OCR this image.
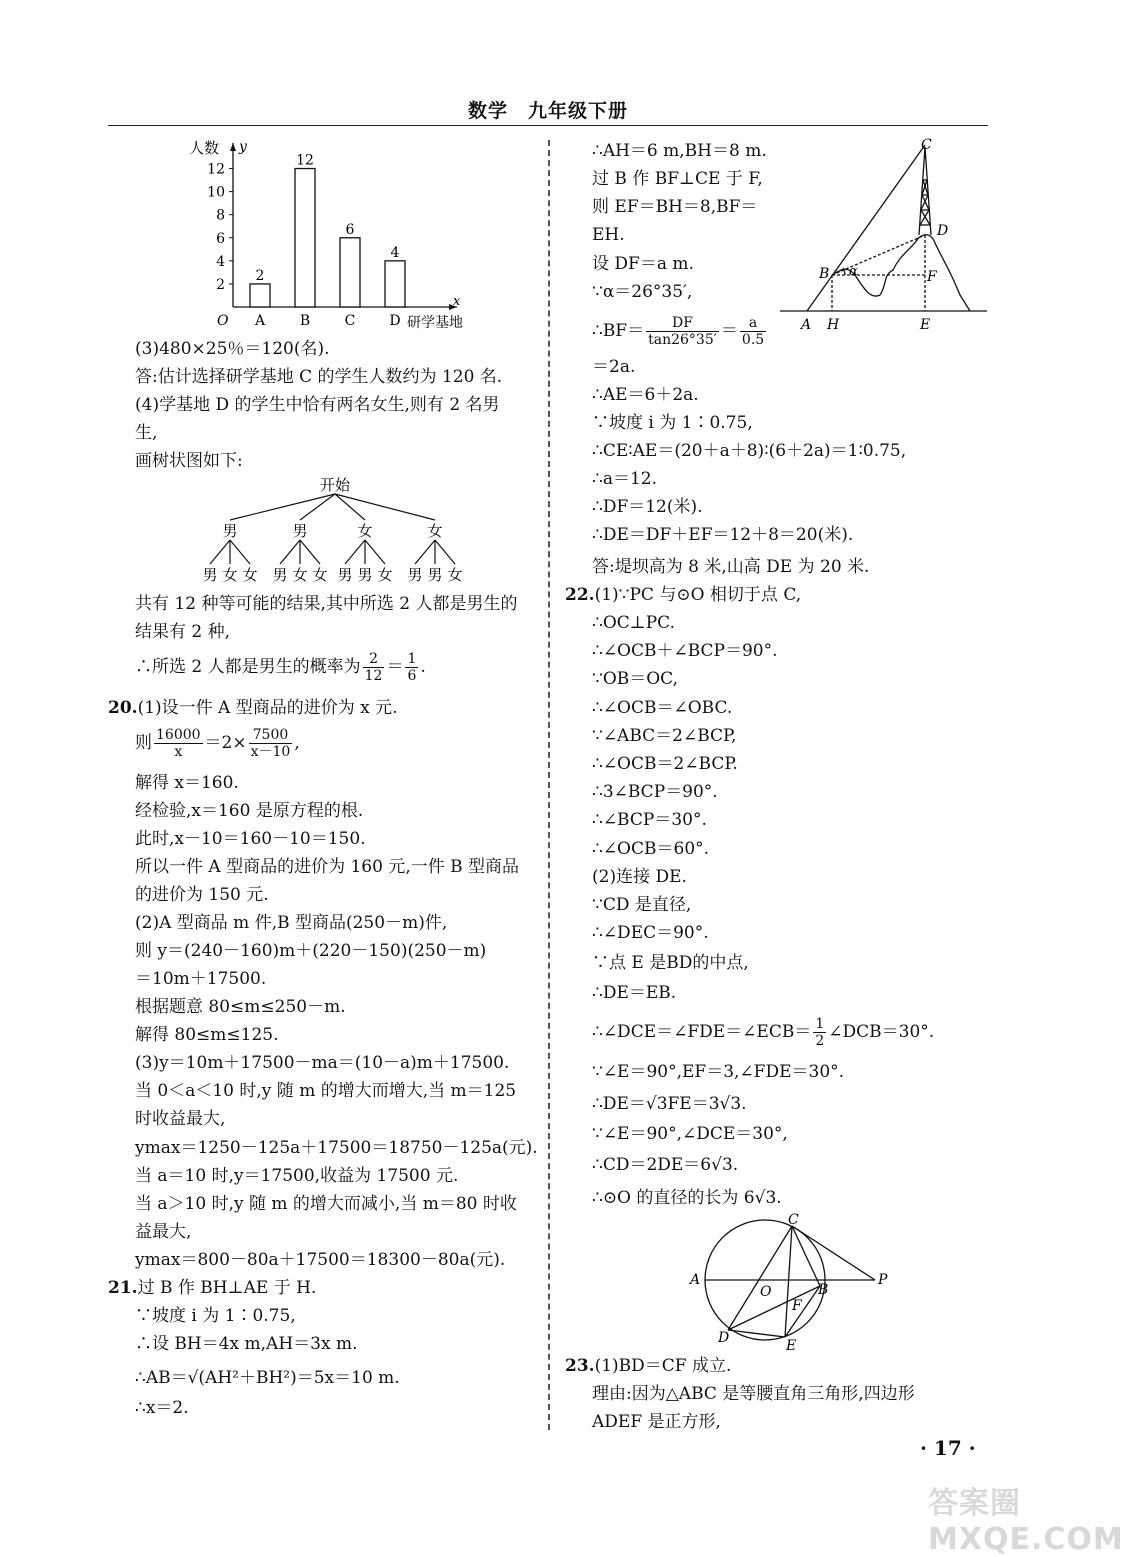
数学　九年级下册
人数 y
x
O	研学基地
2
4
6
8
10
12
2
A
12
B
6
C
4
D
(3)480×25％＝120(名).
答:估计选择研学基地 C 的学生人数约为 120 名.
(4)学基地 D 的学生中恰有两名女生,则有 2 名男
生,
画树状图如下:
开始
男	男	女	女
男 女 女 男 女 女 男 男 女 男 男 女
共有 12 种等可能的结果,其中所选 2 人都是男生的
结果有 2 种,
∴所选 2 人都是男生的概率为 $\frac{2}{12} = \frac{1}{6}$ .
20.(1)设一件 A 型商品的进价为 x 元.
则 $\frac{16000}{x} =2\times \frac{7500}{x-10}$ ,
解得 x＝160.
经检验,x＝160 是原方程的根.
此时,x－10＝160－10＝150.
所以一件 A 型商品的进价为 160 元,一件 B 型商品
的进价为 150 元.
(2)A 型商品 m 件,B 型商品(250－m)件,
则 y＝(240－160)m＋(220－150)(250－m)
＝10m＋17500.
根据题意 80≤m≤250－m.
解得 80≤m≤125.
(3)y＝10m＋17500－ma＝(10－a)m＋17500.
当 0＜a＜10 时,y 随 m 的增大而增大,当 m＝125
时收益最大,
ymax＝1250－125a＋17500＝18750－125a(元).
当 a＝10 时,y＝17500,收益为 17500 元.
当 a＞10 时,y 随 m 的增大而减小,当 m＝80 时收
益最大,
ymax＝800－80a＋17500＝18300－80a(元).
21.过 B 作 BH⊥AE 于 H.
∵坡度 i 为 1∶0.75,
∴设 BH＝4x m,AH＝3x m.
∴AB＝√(AH²＋BH²)＝5x＝10 m.
∴x＝2.
∴AH＝6 m,BH＝8 m.
过 B 作 BF⊥CE 于 F,
则 EF＝BH＝8,BF＝
EH.
设 DF＝a m.
∵α＝26°35′,
∴BF＝ $\frac{DF}{\tan 26^\circ 35'} = \frac{a}{0.5}$
C
D
B α	F
A H	E
＝2a.
∴AE＝6＋2a.
∵坡度 i 为 1∶0.75,
∴CE∶AE＝(20＋a＋8)∶(6＋2a)＝1∶0.75,
∴a＝12.
∴DF＝12(米).
∴DE＝DF＋EF＝12＋8＝20(米).
答:堤坝高为 8 米,山高 DE 为 20 米.
22.(1)∵PC 与⊙O 相切于点 C,
∴OC⊥PC.
∴∠OCB＋∠BCP＝90°.
∵OB＝OC,
∴∠OCB＝∠OBC.
∵∠ABC＝2∠BCP,
∴∠OCB＝2∠BCP.
∴3∠BCP＝90°.
∴∠BCP＝30°.
∴∠OCB＝60°.
(2)连接 DE.
∵CD 是直径,
∴∠DEC＝90°.
∵点 E 是BD的中点,
∴DE＝EB.
∴∠DCE＝∠FDE＝∠ECB＝ $\frac{1}{2}$ ∠DCB＝30°.
∵∠E＝90°,EF＝3,∠FDE＝30°.
∴DE＝√3FE＝3√3.
∵∠E＝90°,∠DCE＝30°,
∴CD＝2DE＝6√3.
∴⊙O 的直径的长为 6√3.
C
A
O	B
P
F
D	E
23.(1)BD＝CF 成立.
理由:因为△ABC 是等腰直角三角形,四边形
ADEF 是正方形,
· 17 ·
答案圈 MXQE.COM
